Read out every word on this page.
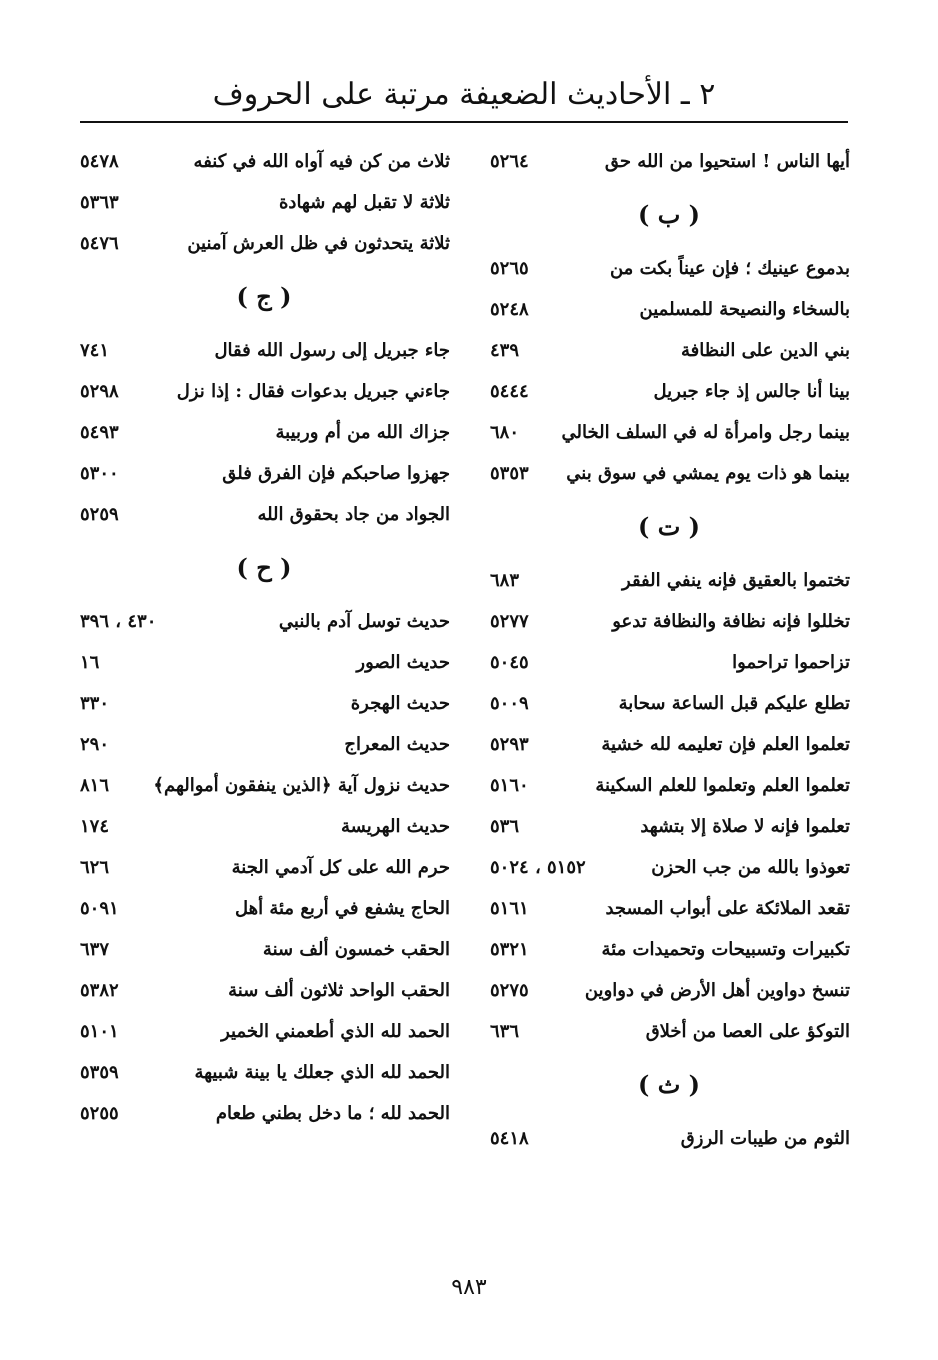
٢ ـ الأحاديث الضعيفة مرتبة على الحروف
أيها الناس ! استحيوا من الله حق
٥٢٦٤
( ب )
بدموع عينيك ؛ فإن عيناً بكت من
٥٢٦٥
بالسخاء والنصيحة للمسلمين
٥٢٤٨
بني الدين على النظافة
٤٣٩
بينا أنا جالس إذ جاء جبريل
٥٤٤٤
بينما رجل وامرأة له في السلف الخالي
٦٨٠
بينما هو ذات يوم يمشي في سوق بني
٥٣٥٣
( ت )
تختموا بالعقيق فإنه ينفي الفقر
٦٨٣
تخللوا فإنه نظافة والنظافة تدعو
٥٢٧٧
تزاحموا تراحموا
٥٠٤٥
تطلع عليكم قبل الساعة سحابة
٥٠٠٩
تعلموا العلم فإن تعليمه لله خشية
٥٢٩٣
تعلموا العلم وتعلموا للعلم السكينة
٥١٦٠
تعلموا فإنه لا صلاة إلا بتشهد
٥٣٦
تعوذوا بالله من جب الحزن
٥١٥٢ ، ٥٠٢٤
تقعد الملائكة على أبواب المسجد
٥١٦١
تكبيرات وتسبيحات وتحميدات مئة
٥٣٢١
تنسخ دواوين أهل الأرض في دواوين
٥٢٧٥
التوكؤ على العصا من أخلاق
٦٣٦
( ث )
الثوم من طيبات الرزق
٥٤١٨
ثلاث من كن فيه آواه الله في كنفه
٥٤٧٨
ثلاثة لا تقبل لهم شهادة
٥٣٦٣
ثلاثة يتحدثون في ظل العرش آمنين
٥٤٧٦
( ج )
جاء جبريل إلى رسول الله فقال
٧٤١
جاءني جبريل بدعوات فقال : إذا نزل
٥٢٩٨
جزاك الله من أم وربيبة
٥٤٩٣
جهزوا صاحبكم فإن الفرق فلق
٥٣٠٠
الجواد من جاد بحقوق الله
٥٢٥٩
( ح )
حديث توسل آدم بالنبي
٤٣٠ ، ٣٩٦
حديث الصور
١٦
حديث الهجرة
٣٣٠
حديث المعراج
٢٩٠
حديث نزول آية ﴿الذين ينفقون أموالهم﴾
٨١٦
حديث الهريسة
١٧٤
حرم الله على كل آدمي الجنة
٦٢٦
الحاج يشفع في أربع مئة أهل
٥٠٩١
الحقب خمسون ألف سنة
٦٣٧
الحقب الواحد ثلاثون ألف سنة
٥٣٨٢
الحمد لله الذي أطعمني الخمير
٥١٠١
الحمد لله الذي جعلك يا بينة شبيهة
٥٣٥٩
الحمد لله ؛ ما دخل بطني طعام
٥٢٥٥
٩٨٣
